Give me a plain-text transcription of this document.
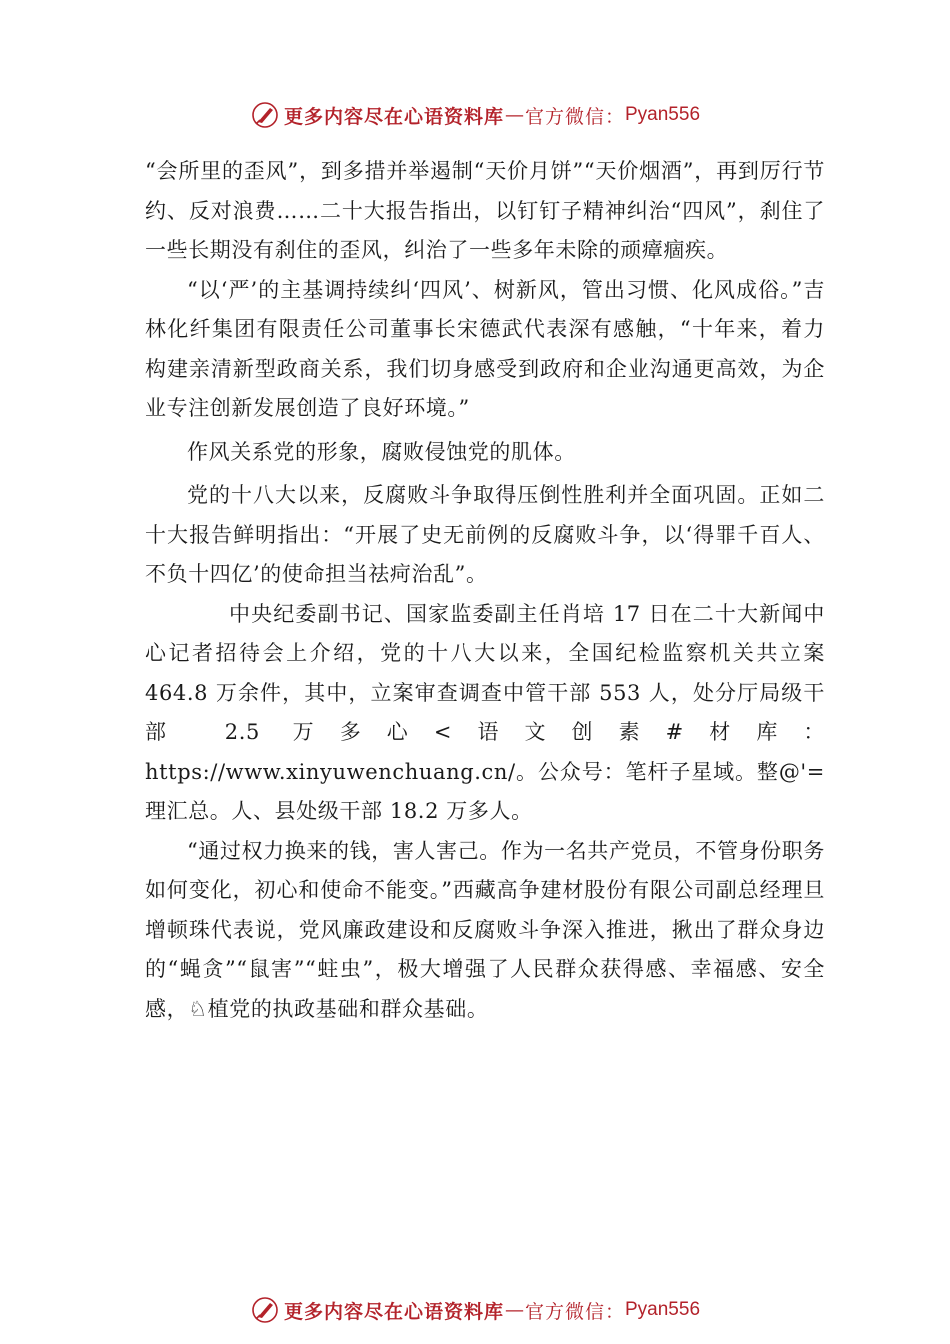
更多内容尽在心语资料库 — 官方微信： Pyan556

“会所里的歪风”，到多措并举遏制“天价月饼”“天价烟酒”，再到厉行节约、反对浪费……二十大报告指出，以钉钉子精神纠治“四风”，刹住了一些长期没有刹住的歪风，纠治了一些多年未除的顽瘴痼疾。

“以‘严’的主基调持续纠‘四风’、树新风，管出习惯、化风成俗。”吉林化纤集团有限责任公司董事长宋德武代表深有感触，“十年来，着力构建亲清新型政商关系，我们切身感受到政府和企业沟通更高效，为企业专注创新发展创造了良好环境。”

作风关系党的形象，腐败侵蚀党的肌体。

党的十八大以来，反腐败斗争取得压倒性胜利并全面巩固。正如二十大报告鲜明指出：“开展了史无前例的反腐败斗争，以‘得罪千百人、不负十四亿’的使命担当祛疴治乱”。

中央纪委副书记、国家监委副主任肖培 17 日在二十大新闻中心记者招待会上介绍，党的十八大以来，全国纪检监察机关共立案 464.8 万余件，其中，立案审查调查中管干部 553 人，处分厅局级干部 2.5 万多心<语文创素#材库：https://www.xinyuwenchuang.cn/。公众号：笔杆子星域。整@'=理汇总。人、县处级干部 18.2 万多人。

“通过权力换来的钱，害人害己。作为一名共产党员，不管身份职务如何变化，初心和使命不能变。”西藏高争建材股份有限公司副总经理旦增顿珠代表说，党风廉政建设和反腐败斗争深入推进，揪出了群众身边的“蝇贪”“鼠害”“蛀虫”，极大增强了人民群众获得感、幸福感、安全感，♘植党的执政基础和群众基础。

更多内容尽在心语资料库 — 官方微信： Pyan556
